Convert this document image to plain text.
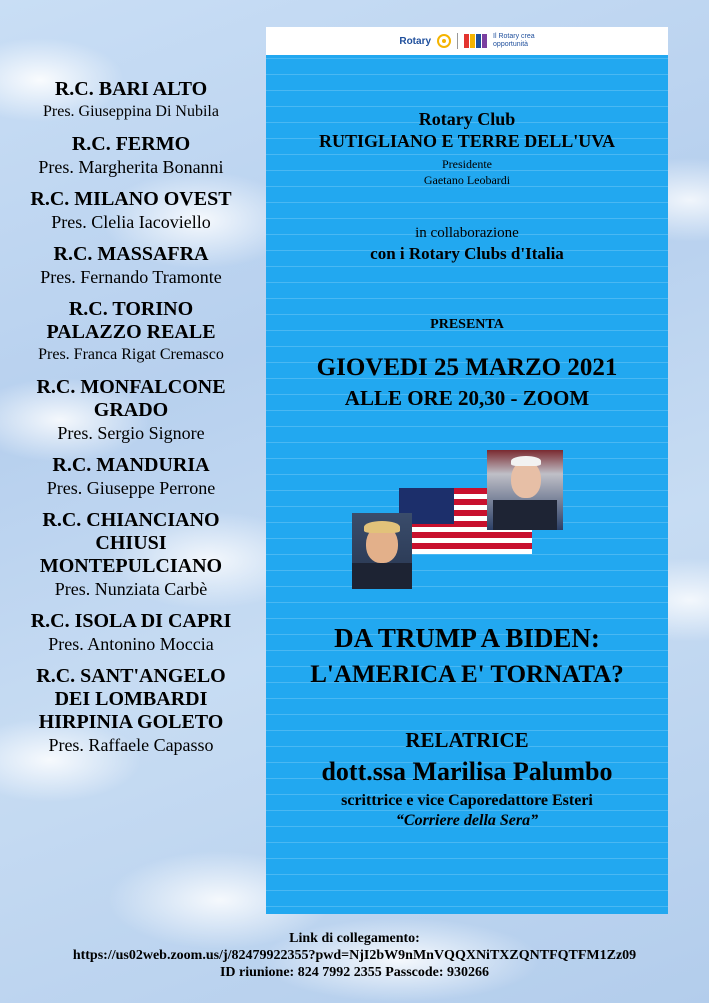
R.C. BARI ALTO
Pres. Giuseppina Di Nubila
R.C. FERMO
Pres. Margherita Bonanni
R.C. MILANO OVEST
Pres. Clelia Iacoviello
R.C. MASSAFRA
Pres. Fernando Tramonte
R.C. TORINO
PALAZZO REALE
Pres. Franca Rigat Cremasco
R.C. MONFALCONE
GRADO
Pres. Sergio Signore
R.C. MANDURIA
Pres. Giuseppe Perrone
R.C. CHIANCIANO
CHIUSI
MONTEPULCIANO
Pres. Nunziata Carbè
R.C. ISOLA DI CAPRI
Pres. Antonino Moccia
R.C. SANT'ANGELO
DEI LOMBARDI
HIRPINIA GOLETO
Pres. Raffaele Capasso
Rotary	Il Rotary crea
opportunità
Rotary Club
RUTIGLIANO E TERRE DELL'UVA
Presidente
Gaetano Leobardi
in collaborazione
con i Rotary Clubs d'Italia
PRESENTA
GIOVEDI 25 MARZO 2021
ALLE ORE 20,30 - ZOOM
DA TRUMP A BIDEN:
L'AMERICA E' TORNATA?
RELATRICE
dott.ssa Marilisa Palumbo
scrittrice e vice Caporedattore Esteri
“Corriere della Sera”
Link di collegamento:
https://us02web.zoom.us/j/82479922355?pwd=NjI2bW9nMnVQQXNiTXZQNTFQTFM1Zz09
ID riunione: 824 7992 2355 Passcode: 930266
